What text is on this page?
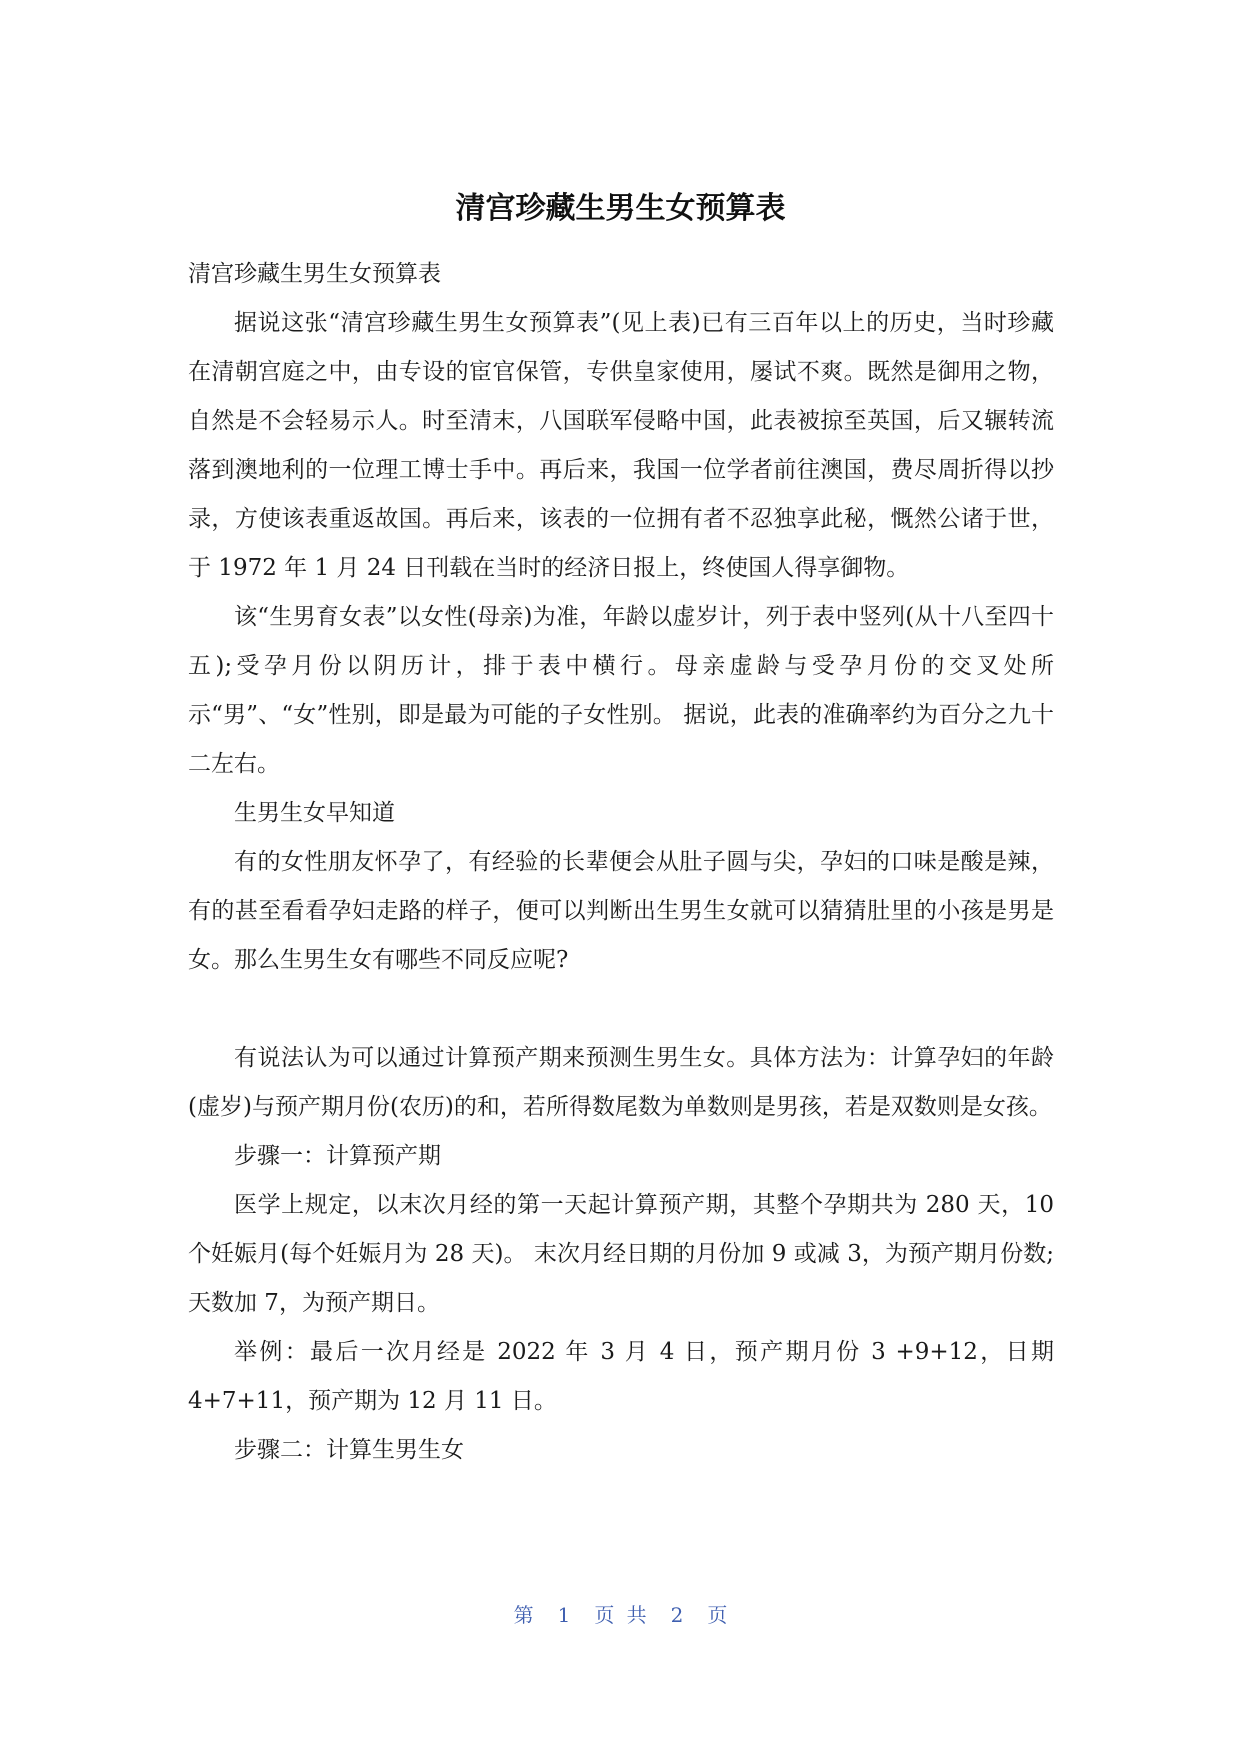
清宫珍藏生男生女预算表

清宫珍藏生男生女预算表

据说这张“清宫珍藏生男生女预算表”(见上表)已有三百年以上的历史，当时珍藏在清朝宫庭之中，由专设的宦官保管，专供皇家使用，屡试不爽。既然是御用之物，自然是不会轻易示人。时至清末，八国联军侵略中国，此表被掠至英国，后又辗转流落到澳地利的一位理工博士手中。再后来，我国一位学者前往澳国，费尽周折得以抄录，方使该表重返故国。再后来，该表的一位拥有者不忍独享此秘，慨然公诸于世，于 1972 年 1 月 24 日刊载在当时的经济日报上，终使国人得享御物。

该“生男育女表”以女性(母亲)为准，年龄以虚岁计，列于表中竖列(从十八至四十五);受孕月份以阴历计，排于表中横行。母亲虚龄与受孕月份的交叉处所示“男”、“女”性别，即是最为可能的子女性别。 据说，此表的准确率约为百分之九十二左右。

生男生女早知道

有的女性朋友怀孕了，有经验的长辈便会从肚子圆与尖，孕妇的口味是酸是辣，有的甚至看看孕妇走路的样子，便可以判断出生男生女就可以猜猜肚里的小孩是男是女。那么生男生女有哪些不同反应呢?

有说法认为可以通过计算预产期来预测生男生女。具体方法为：计算孕妇的年龄(虚岁)与预产期月份(农历)的和，若所得数尾数为单数则是男孩，若是双数则是女孩。

步骤一：计算预产期

医学上规定，以末次月经的第一天起计算预产期，其整个孕期共为 280 天，10 个妊娠月(每个妊娠月为 28 天)。 末次月经日期的月份加 9 或减 3，为预产期月份数;天数加 7，为预产期日。

举例：最后一次月经是 2022 年 3 月 4 日，预产期月份 3 +9+12，日期 4+7+11，预产期为 12 月 11 日。

步骤二：计算生男生女

第 1 页 共 2 页
